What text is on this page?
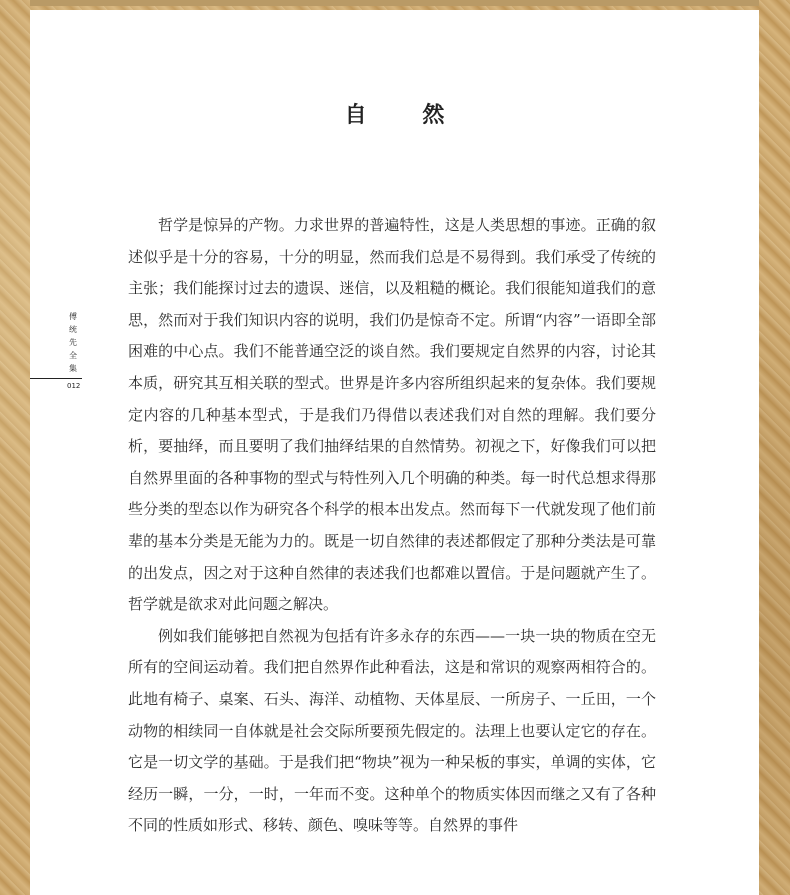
自 然
傅统先全集
012

哲学是惊异的产物。力求世界的普遍特性，这是人类思想的事迹。正确的叙述似乎是十分的容易，十分的明显，然而我们总是不易得到。我们承受了传统的主张；我们能探讨过去的遗误、迷信，以及粗糙的概论。我们很能知道我们的意思，然而对于我们知识内容的说明，我们仍是惊奇不定。所谓“内容”一语即全部困难的中心点。我们不能普通空泛的谈自然。我们要规定自然界的内容，讨论其本质，研究其互相关联的型式。世界是许多内容所组织起来的复杂体。我们要规定内容的几种基本型式，于是我们乃得借以表述我们对自然的理解。我们要分析，要抽绎，而且要明了我们抽绎结果的自然情势。初视之下，好像我们可以把自然界里面的各种事物的型式与特性列入几个明确的种类。每一时代总想求得那些分类的型态以作为研究各个科学的根本出发点。然而每下一代就发现了他们前辈的基本分类是无能为力的。既是一切自然律的表述都假定了那种分类法是可靠的出发点，因之对于这种自然律的表述我们也都难以置信。于是问题就产生了。哲学就是欲求对此问题之解决。

例如我们能够把自然视为包括有许多永存的东西——一块一块的物质在空无所有的空间运动着。我们把自然界作此种看法，这是和常识的观察两相符合的。此地有椅子、桌案、石头、海洋、动植物、天体星辰、一所房子、一丘田，一个动物的相续同一自体就是社会交际所要预先假定的。法理上也要认定它的存在。它是一切文学的基础。于是我们把“物块”视为一种呆板的事实，单调的实体，它经历一瞬，一分，一时，一年而不变。这种单个的物质实体因而继之又有了各种不同的性质如形式、移转、颜色、嗅味等等。自然界的事件
